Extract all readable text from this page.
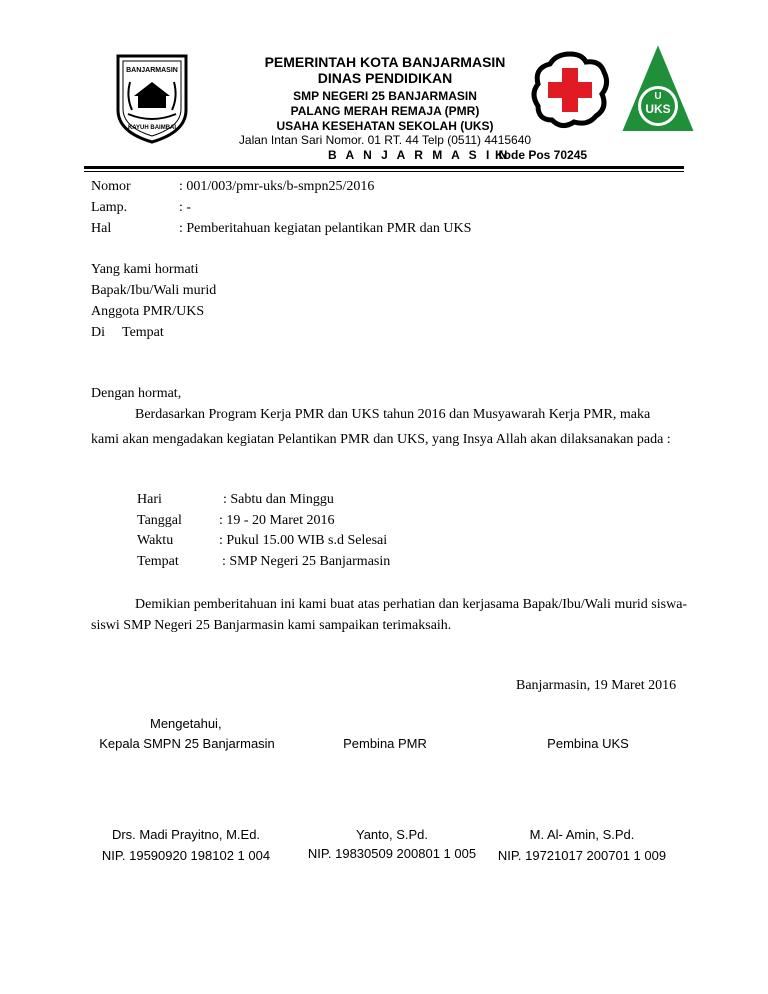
BANJARMASIN
KAYUH BAIMBAI
U
UKS
PEMERINTAH KOTA BANJARMASIN
DINAS PENDIDIKAN
SMP NEGERI 25 BANJARMASIN
PALANG MERAH REMAJA (PMR)
USAHA KESEHATAN SEKOLAH (UKS)
Jalan Intan Sari Nomor. 01 RT. 44 Telp (0511) 4415640
B A N J A R M A S I N
Kode Pos 70245
Nomor	: 001/003/pmr-uks/b-smpn25/2016
Lamp.	: -
Hal	: Pemberitahuan kegiatan pelantikan PMR dan UKS
Yang kami hormati
Bapak/Ibu/Wali murid
Anggota PMR/UKS
Di Tempat
Dengan hormat,
Berdasarkan Program Kerja PMR dan UKS tahun 2016 dan Musyawarah Kerja PMR, maka
kami akan mengadakan kegiatan Pelantikan PMR dan UKS, yang Insya Allah akan dilaksanakan pada :
Hari	: Sabtu dan Minggu
Tanggal	: 19 - 20 Maret 2016
Waktu	: Pukul 15.00 WIB s.d Selesai
Tempat	: SMP Negeri 25 Banjarmasin
Demikian pemberitahuan ini kami buat atas perhatian dan kerjasama Bapak/Ibu/Wali murid siswa-
siswi SMP Negeri 25 Banjarmasin kami sampaikan terimaksaih.
Banjarmasin, 19 Maret 2016
Mengetahui,
Kepala SMPN 25 Banjarmasin	Pembina PMR	Pembina UKS
Drs. Madi Prayitno, M.Ed.	Yanto, S.Pd.	M. Al- Amin, S.Pd.
NIP. 19590920 198102 1 004	NIP. 19830509 200801 1 005	NIP. 19721017 200701 1 009
